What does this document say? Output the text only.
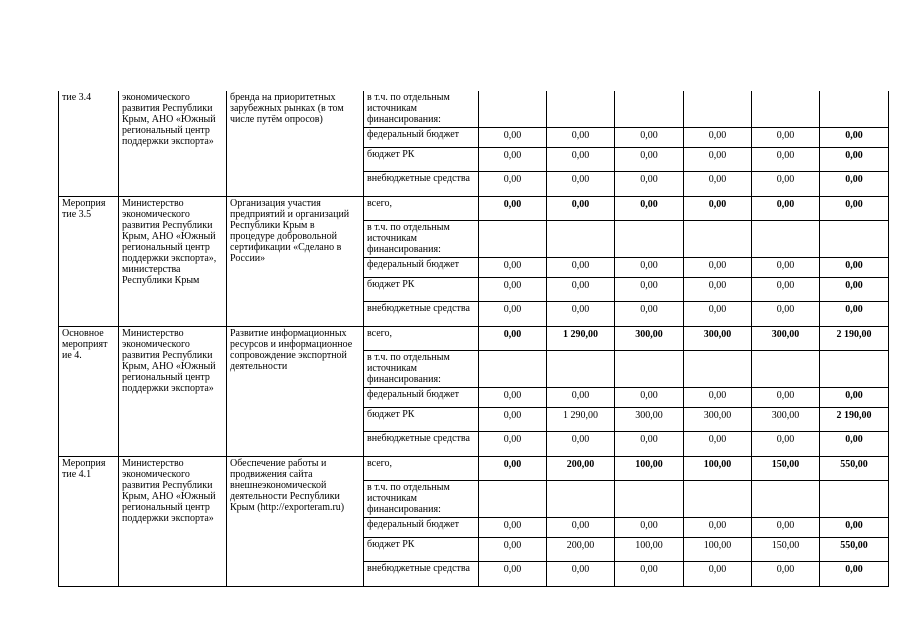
тие 3.4	экономического развития Республики Крым, АНО «Южный региональный центр поддержки экспорта»	бренда на приоритетных зарубежных рынках (в том числе путём опросов)	в т.ч. по отдельным источникам финансирования:						
			федеральный бюджет	0,00	0,00	0,00	0,00	0,00	0,00
			бюджет РК	0,00	0,00	0,00	0,00	0,00	0,00
			внебюджетные средства	0,00	0,00	0,00	0,00	0,00	0,00
Мероприя тие 3.5	Министерство экономического развития Республики Крым, АНО «Южный региональный центр поддержки экспорта», министерства Республики Крым	Организация участия предприятий и организаций Республики Крым в процедуре добровольной сертификации «Сделано в России»	всего,	0,00	0,00	0,00	0,00	0,00	0,00
			в т.ч. по отдельным источникам финансирования:						
			федеральный бюджет	0,00	0,00	0,00	0,00	0,00	0,00
			бюджет РК	0,00	0,00	0,00	0,00	0,00	0,00
			внебюджетные средства	0,00	0,00	0,00	0,00	0,00	0,00
Основное мероприят ие 4.	Министерство экономического развития Республики Крым, АНО «Южный региональный центр поддержки экспорта»	Развитие информационных ресурсов и информационное сопровождение экспортной деятельности	всего,	0,00	1 290,00	300,00	300,00	300,00	2 190,00
			в т.ч. по отдельным источникам финансирования:						
			федеральный бюджет	0,00	0,00	0,00	0,00	0,00	0,00
			бюджет РК	0,00	1 290,00	300,00	300,00	300,00	2 190,00
			внебюджетные средства	0,00	0,00	0,00	0,00	0,00	0,00
Мероприя тие 4.1	Министерство экономического развития Республики Крым, АНО «Южный региональный центр поддержки экспорта»	Обеспечение работы и продвижения сайта внешнеэкономической деятельности Республики Крым (http://exporteram.ru)	всего,	0,00	200,00	100,00	100,00	150,00	550,00
			в т.ч. по отдельным источникам финансирования:						
			федеральный бюджет	0,00	0,00	0,00	0,00	0,00	0,00
			бюджет РК	0,00	200,00	100,00	100,00	150,00	550,00
			внебюджетные средства	0,00	0,00	0,00	0,00	0,00	0,00
